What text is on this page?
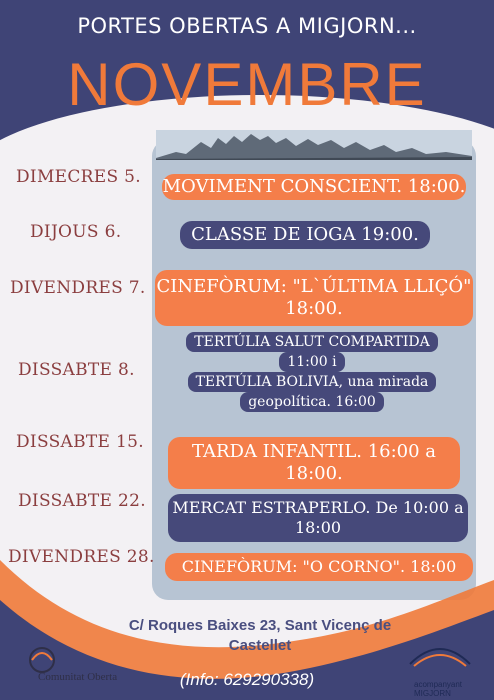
PORTES OBERTAS A MIGJORN...
NOVEMBRE
DIMECRES 5.
DIJOUS 6.
DIVENDRES 7.
DISSABTE 8.
DISSABTE 15.
DISSABTE 22.
DIVENDRES 28.
MOVIMENT CONSCIENT. 18:00.
CLASSE DE IOGA 19:00.
CINEFÒRUM: "L`ÚLTIMA LLIÇÓ"
18:00.
TERTÚLIA SALUT COMPARTIDA
11:00 i
TERTÚLIA BOLIVIA, una mirada
geopolítica. 16:00
TARDA INFANTIL. 16:00 a
18:00.
MERCAT ESTRAPERLO. De 10:00 a
18:00
CINEFÒRUM: "O CORNO". 18:00
C/ Roques Baixes 23, Sant Vicenç de
Castellet
Comunitat Oberta
acompanyant MIGJORN
(Info: 629290338)
